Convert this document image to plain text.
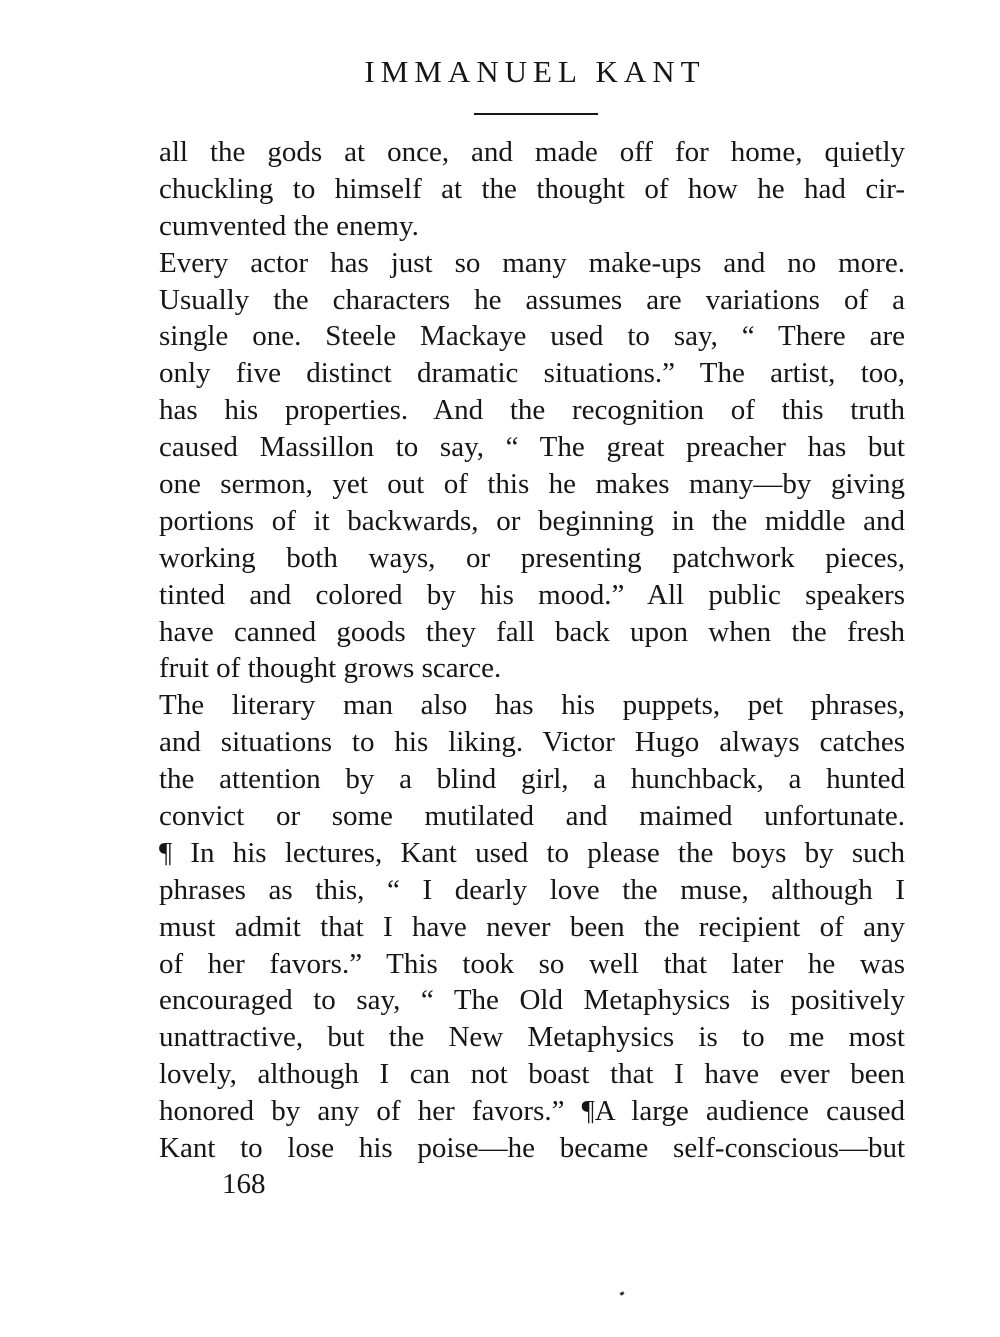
IMMANUEL KANT
all the gods at once, and made off for home, quietly
chuckling to himself at the thought of how he had cir-
cumvented the enemy.
Every actor has just so many make-ups and no more.
Usually the characters he assumes are variations of a
single one. Steele Mackaye used to say, “ There are
only five distinct dramatic situations.” The artist, too,
has his properties. And the recognition of this truth
caused Massillon to say, “ The great preacher has but
one sermon, yet out of this he makes many—by giving
portions of it backwards, or beginning in the middle and
working both ways, or presenting patchwork pieces,
tinted and colored by his mood.” All public speakers
have canned goods they fall back upon when the fresh
fruit of thought grows scarce.
The literary man also has his puppets, pet phrases,
and situations to his liking. Victor Hugo always catches
the attention by a blind girl, a hunchback, a hunted
convict or some mutilated and maimed unfortunate.
¶ In his lectures, Kant used to please the boys by such
phrases as this, “ I dearly love the muse, although I
must admit that I have never been the recipient of any
of her favors.” This took so well that later he was
encouraged to say, “ The Old Metaphysics is positively
unattractive, but the New Metaphysics is to me most
lovely, although I can not boast that I have ever been
honored by any of her favors.” ¶A large audience caused
Kant to lose his poise—he became self-conscious—but
168
